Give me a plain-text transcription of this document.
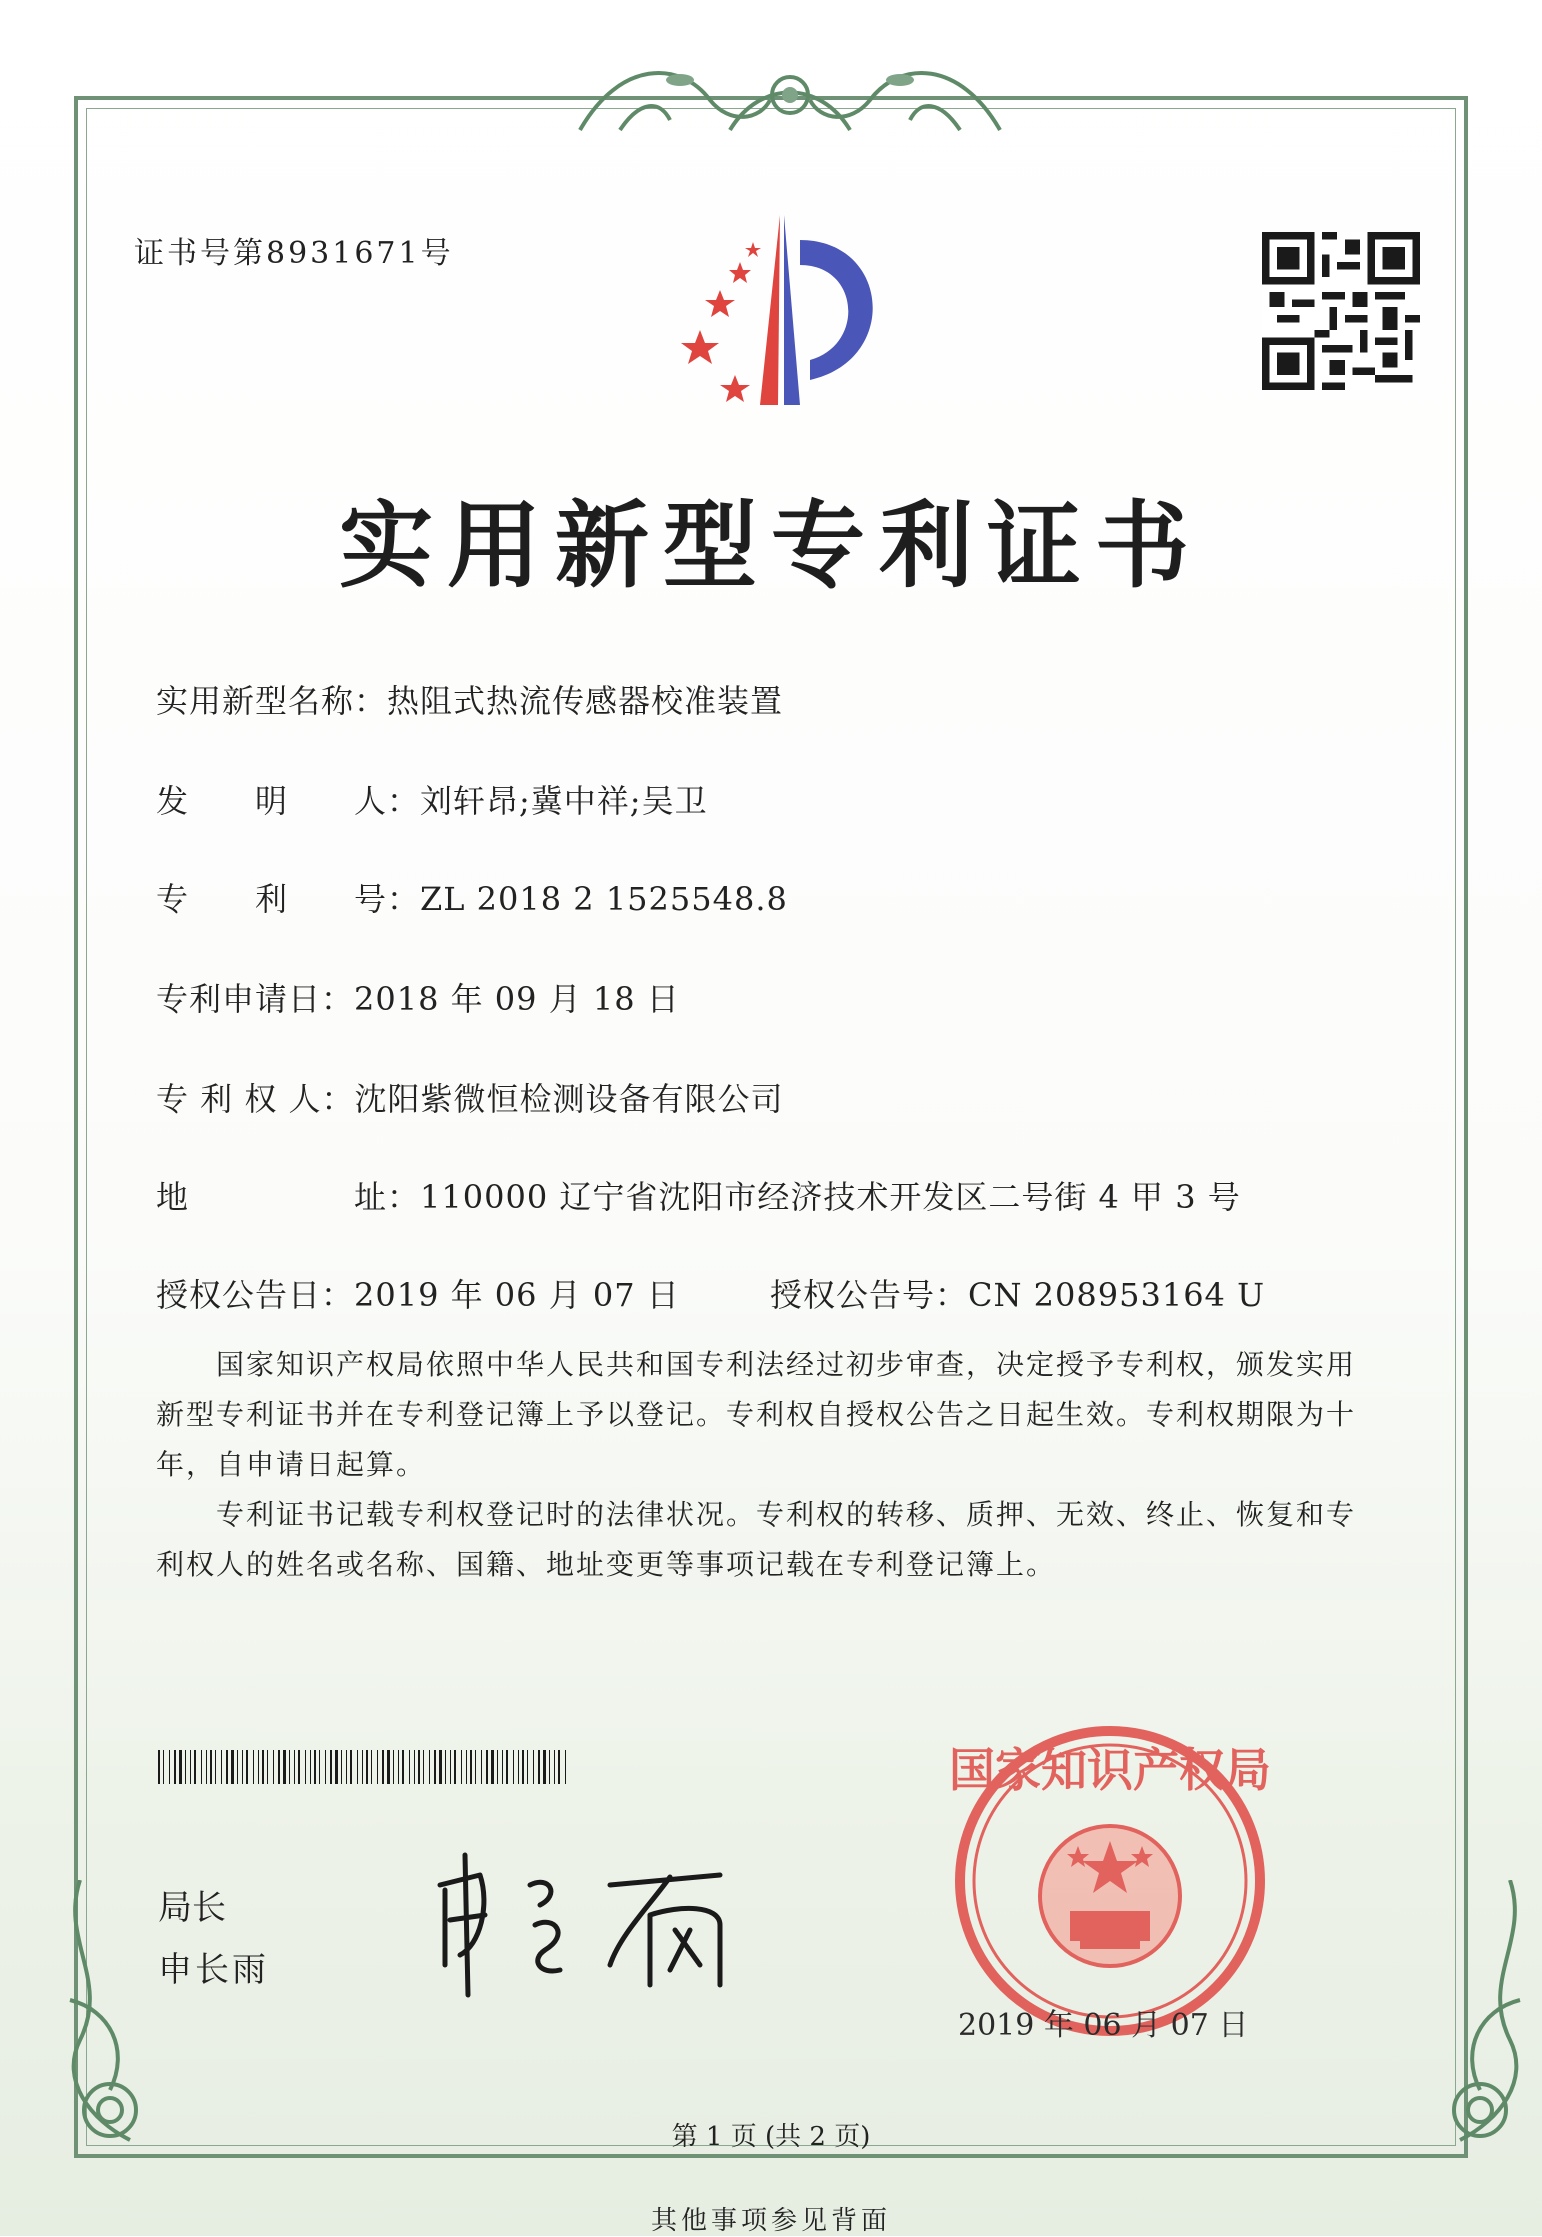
证书号第8931671号
实用新型专利证书
实用新型名称：热阻式热流传感器校准装置
发　　明　　人：刘轩昂;冀中祥;吴卫
专　　利　　号：ZL 2018 2 1525548.8
专利申请日：2018 年 09 月 18 日
专 利 权 人：沈阳紫微恒检测设备有限公司
地　　　　　址：110000 辽宁省沈阳市经济技术开发区二号街 4 甲 3 号
授权公告日：2019 年 06 月 07 日	授权公告号：CN 208953164 U
　　国家知识产权局依照中华人民共和国专利法经过初步审查，决定授予专利权，颁发实用
新型专利证书并在专利登记簿上予以登记。专利权自授权公告之日起生效。专利权期限为十
年，自申请日起算。
　　专利证书记载专利权登记时的法律状况。专利权的转移、质押、无效、终止、恢复和专
利权人的姓名或名称、国籍、地址变更等事项记载在专利登记簿上。
局长
申长雨
国家知识产权局
2019 年 06 月 07 日
第 1 页 (共 2 页)
其他事项参见背面
